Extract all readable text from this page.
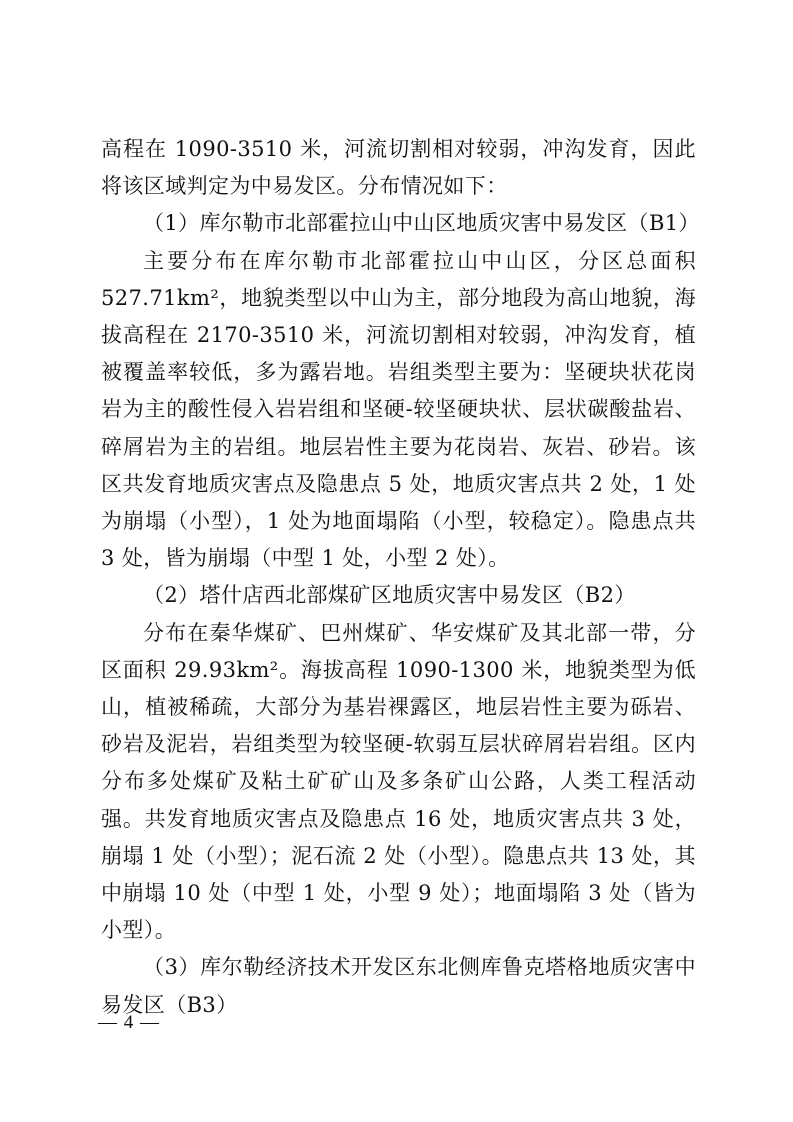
高程在 1090-3510 米，河流切割相对较弱，冲沟发育，因此将该区域判定为中易发区。分布情况如下：

（1）库尔勒市北部霍拉山中山区地质灾害中易发区（B1）

主要分布在库尔勒市北部霍拉山中山区，分区总面积 527.71km²，地貌类型以中山为主，部分地段为高山地貌，海拔高程在 2170-3510 米，河流切割相对较弱，冲沟发育，植被覆盖率较低，多为露岩地。岩组类型主要为：坚硬块状花岗岩为主的酸性侵入岩岩组和坚硬-较坚硬块状、层状碳酸盐岩、碎屑岩为主的岩组。地层岩性主要为花岗岩、灰岩、砂岩。该区共发育地质灾害点及隐患点 5 处，地质灾害点共 2 处，1 处为崩塌（小型），1 处为地面塌陷（小型，较稳定）。隐患点共 3 处，皆为崩塌（中型 1 处，小型 2 处）。

（2）塔什店西北部煤矿区地质灾害中易发区（B2）

分布在秦华煤矿、巴州煤矿、华安煤矿及其北部一带，分区面积 29.93km²。海拔高程 1090-1300 米，地貌类型为低山，植被稀疏，大部分为基岩裸露区，地层岩性主要为砾岩、砂岩及泥岩，岩组类型为较坚硬-软弱互层状碎屑岩岩组。区内分布多处煤矿及粘土矿矿山及多条矿山公路，人类工程活动强。共发育地质灾害点及隐患点 16 处，地质灾害点共 3 处，崩塌 1 处（小型）；泥石流 2 处（小型）。隐患点共 13 处，其中崩塌 10 处（中型 1 处，小型 9 处）；地面塌陷 3 处（皆为小型）。

（3）库尔勒经济技术开发区东北侧库鲁克塔格地质灾害中易发区（B3）

— 4 —
